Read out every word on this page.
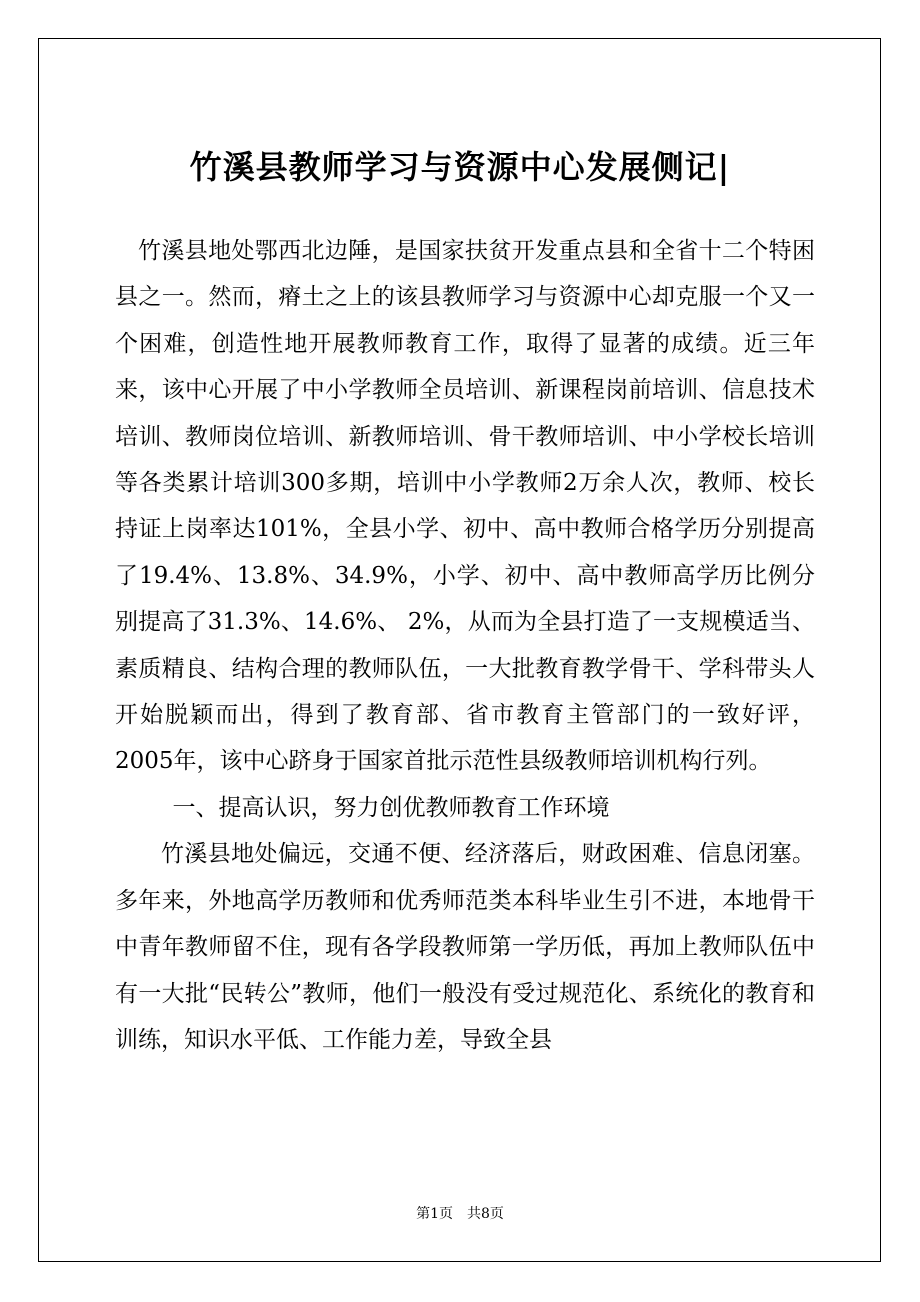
竹溪县教师学习与资源中心发展侧记|

竹溪县地处鄂西北边陲，是国家扶贫开发重点县和全省十二个特困县之一。然而，瘠土之上的该县教师学习与资源中心却克服一个又一个困难，创造性地开展教师教育工作，取得了显著的成绩。近三年来，该中心开展了中小学教师全员培训、新课程岗前培训、信息技术培训、教师岗位培训、新教师培训、骨干教师培训、中小学校长培训等各类累计培训300多期，培训中小学教师2万余人次，教师、校长持证上岗率达101%，全县小学、初中、高中教师合格学历分别提高了19.4%、13.8%、34.9%，小学、初中、高中教师高学历比例分别提高了31.3%、14.6%、 2%，从而为全县打造了一支规模适当、素质精良、结构合理的教师队伍，一大批教育教学骨干、学科带头人开始脱颖而出，得到了教育部、省市教育主管部门的一致好评，2005年，该中心跻身于国家首批示范性县级教师培训机构行列。

一、提高认识，努力创优教师教育工作环境

竹溪县地处偏远，交通不便、经济落后，财政困难、信息闭塞。多年来，外地高学历教师和优秀师范类本科毕业生引不进，本地骨干中青年教师留不住，现有各学段教师第一学历低，再加上教师队伍中有一大批“民转公”教师，他们一般没有受过规范化、系统化的教育和训练，知识水平低、工作能力差，导致全县

第1页　共8页
